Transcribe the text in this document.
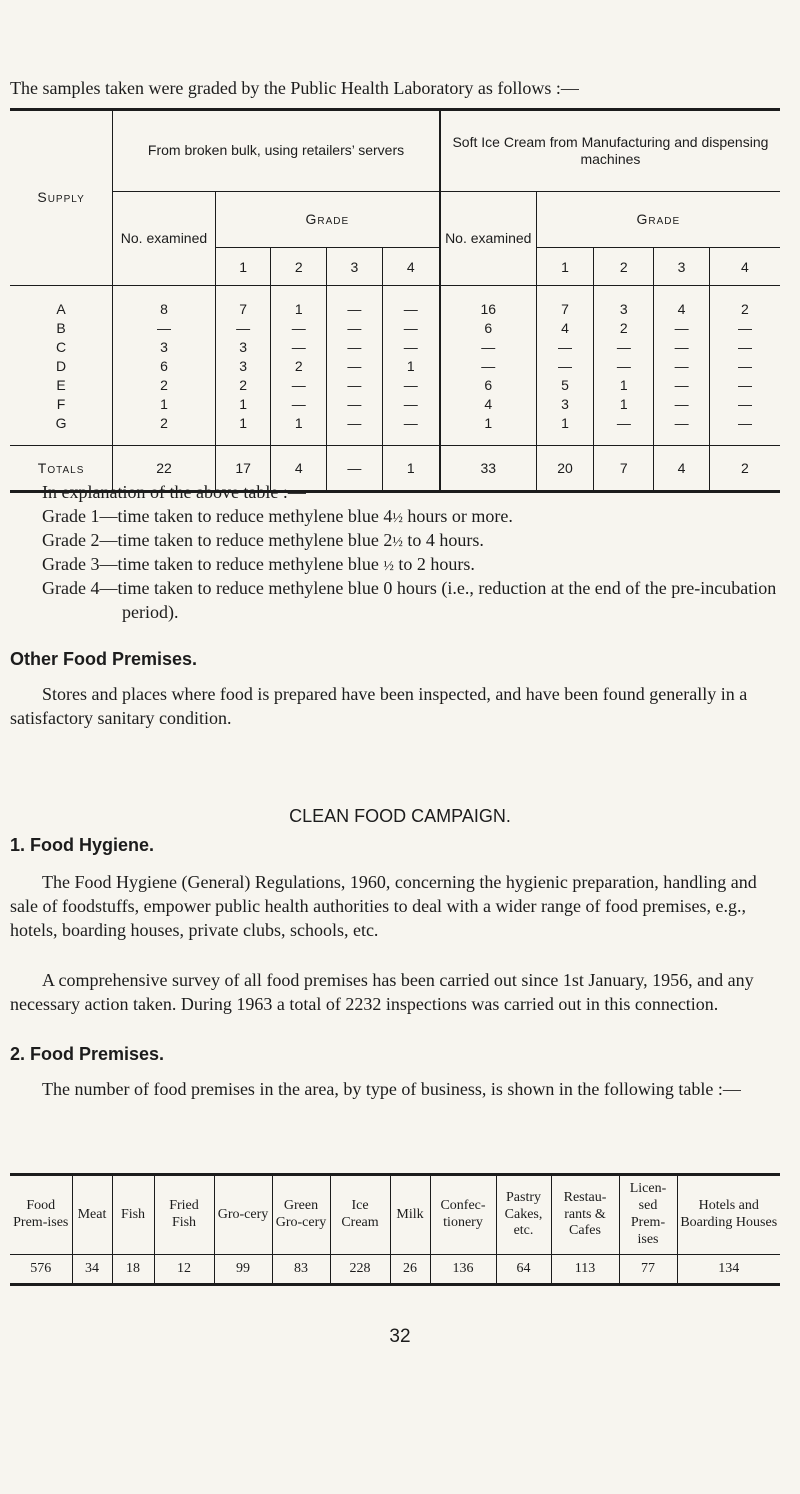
The samples taken were graded by the Public Health Laboratory as follows :—
Supply	From broken bulk, using retailers’ servers					Soft Ice Cream from Manufacturing and dispensing machines				
	No. examined	Grade				No. examined	Grade			
		1	2	3	4		1	2	3	4
A	8	7	1	—	—	16	7	3	4	2
B	—	—	—	—	—	6	4	2	—	—
C	3	3	—	—	—	—	—	—	—	—
D	6	3	2	—	1	—	—	—	—	—
E	2	2	—	—	—	6	5	1	—	—
F	1	1	—	—	—	4	3	1	—	—
G	2	1	1	—	—	1	1	—	—	—
Totals	22	17	4	—	1	33	20	7	4	2
In explanation of the above table :—
Grade 1—time taken to reduce methylene blue 4½ hours or more.
Grade 2—time taken to reduce methylene blue 2½ to 4 hours.
Grade 3—time taken to reduce methylene blue ½ to 2 hours.
Grade 4—time taken to reduce methylene blue 0 hours (i.e., reduction at the end of the pre-incubation period).
Other Food Premises.
Stores and places where food is prepared have been inspected, and have been found generally in a satisfactory sanitary condition.
CLEAN FOOD CAMPAIGN.
1. Food Hygiene.
The Food Hygiene (General) Regulations, 1960, concerning the hygienic preparation, handling and sale of foodstuffs, empower public health authorities to deal with a wider range of food premises, e.g., hotels, boarding houses, private clubs, schools, etc.
A comprehensive survey of all food premises has been carried out since 1st January, 1956, and any necessary action taken. During 1963 a total of 2232 inspections was carried out in this connection.
2. Food Premises.
The number of food premises in the area, by type of business, is shown in the following table :—
Food Prem-ises	Meat	Fish	Fried Fish	Gro-cery	Green Gro-cery	Ice Cream	Milk	Confec-tionery	Pastry Cakes, etc.	Restau-rants & Cafes	Licen-sed Prem-ises	Hotels and Boarding Houses
576	34	18	12	99	83	228	26	136	64	113	77	134
32
